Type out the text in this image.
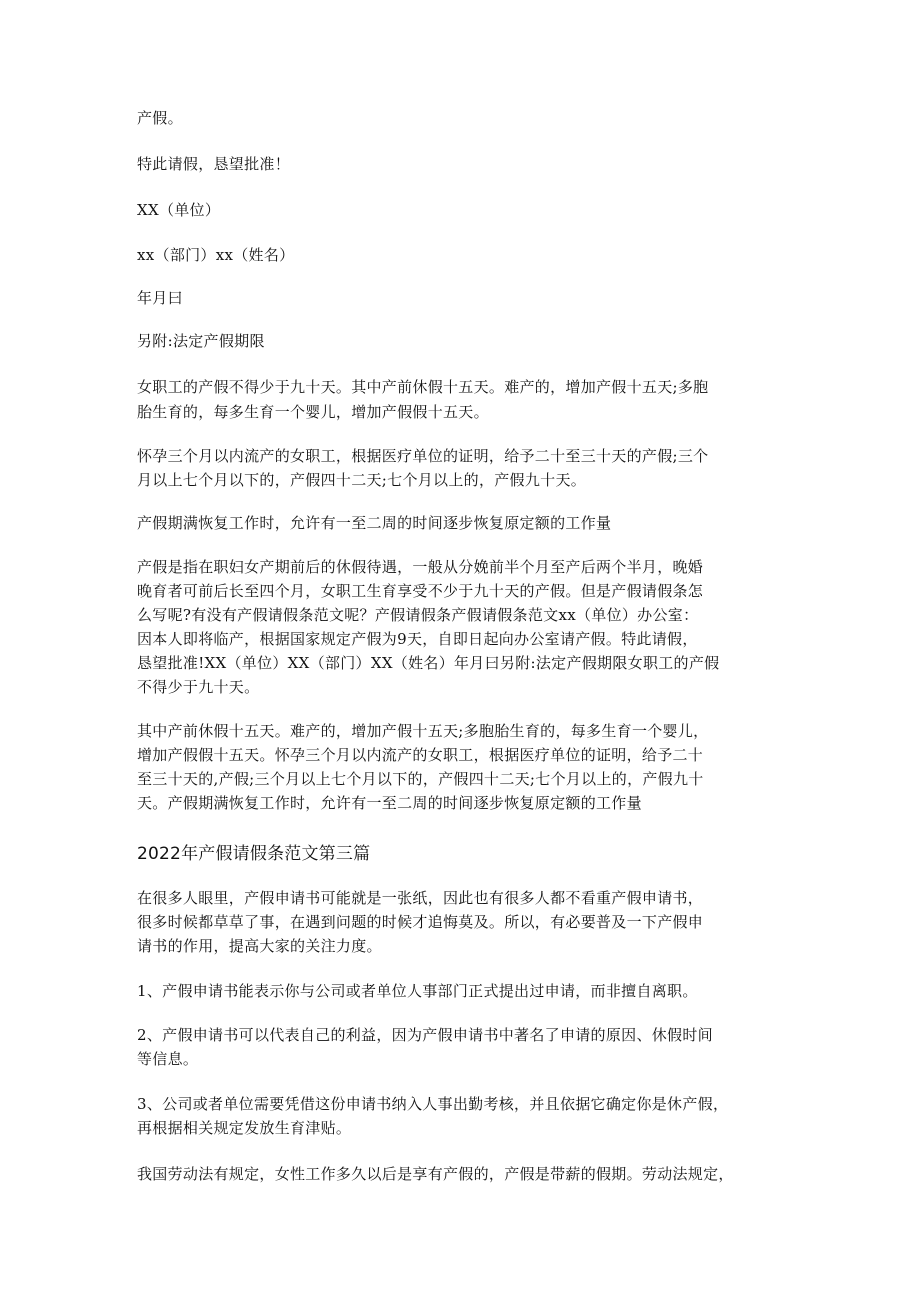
产假。

特此请假，恳望批准！

XX（单位）

xx（部门）xx（姓名）

年月曰

另附:法定产假期限

女职工的产假不得少于九十天。其中产前休假十五天。难产的，增加产假十五天;多胞

胎生育的，每多生育一个婴儿，增加产假假十五天。

怀孕三个月以内流产的女职工，根据医疗单位的证明，给予二十至三十天的产假;三个

月以上七个月以下的，产假四十二天;七个月以上的，产假九十天。

产假期满恢复工作时，允许有一至二周的时间逐步恢复原定额的工作量

产假是指在职妇女产期前后的休假待遇，一般从分娩前半个月至产后两个半月，晚婚

晚育者可前后长至四个月，女职工生育享受不少于九十天的产假。但是产假请假条怎

么写呢?有没有产假请假条范文呢？产假请假条产假请假条范文xx（单位）办公室：

因本人即将临产，根据国家规定产假为9天，自即日起向办公室请产假。特此请假，

恳望批准!XX（单位）XX（部门）XX（姓名）年月曰另附:法定产假期限女职工的产假

不得少于九十天。

其中产前休假十五天。难产的，增加产假十五天;多胞胎生育的，每多生育一个婴儿，

增加产假假十五天。怀孕三个月以内流产的女职工，根据医疗单位的证明，给予二十

至三十天的,产假;三个月以上七个月以下的，产假四十二天;七个月以上的，产假九十

天。产假期满恢复工作时，允许有一至二周的时间逐步恢复原定额的工作量

2022年产假请假条范文第三篇

在很多人眼里，产假申请书可能就是一张纸，因此也有很多人都不看重产假申请书，

很多时候都草草了事，在遇到问题的时候才追悔莫及。所以，有必要普及一下产假申

请书的作用，提高大家的关注力度。

1、产假申请书能表示你与公司或者单位人事部门正式提出过申请，而非擅自离职。

2、产假申请书可以代表自己的利益，因为产假申请书中著名了申请的原因、休假时间

等信息。

3、公司或者单位需要凭借这份申请书纳入人事出勤考核，并且依据它确定你是休产假，

再根据相关规定发放生育津贴。

我国劳动法有规定，女性工作多久以后是享有产假的，产假是带薪的假期。劳动法规定，
